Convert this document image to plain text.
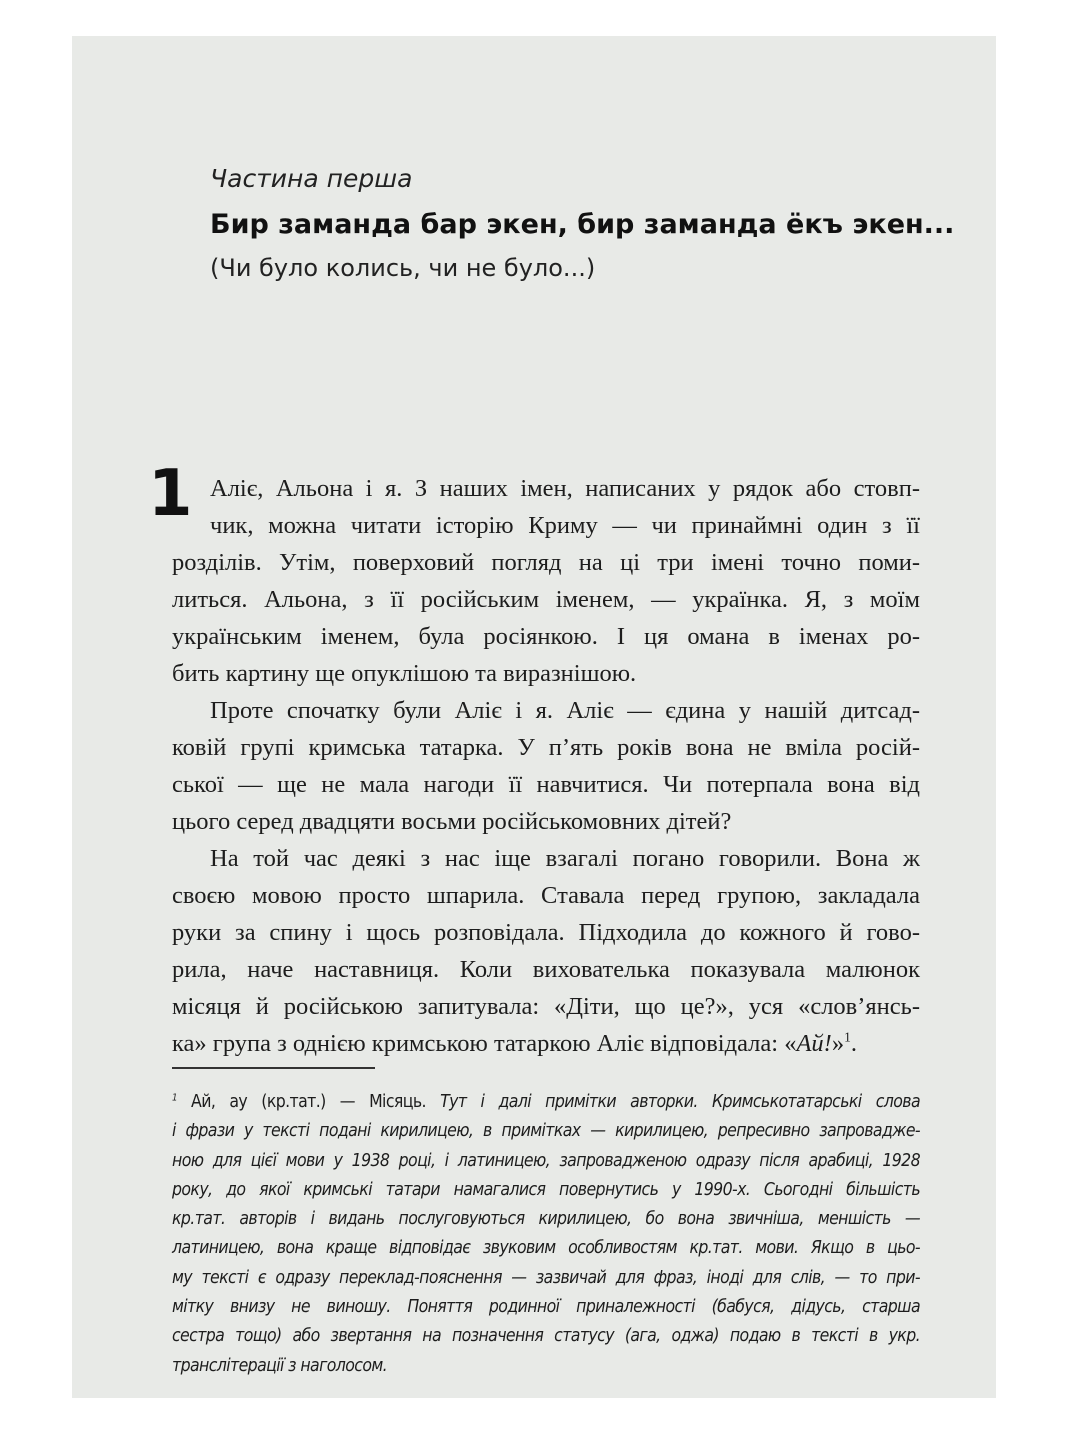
Частина перша
Бир заманда бар экен, бир заманда ёкъ экен...
(Чи було колись, чи не було...)
1 Аліє, Альона і я. З наших імен, написаних у рядок або стовп-
чик, можна читати історію Криму — чи принаймні один з її
розділів. Утім, поверховий погляд на ці три імені точно поми-
литься. Альона, з її російським іменем, — українка. Я, з моїм
українським іменем, була росіянкою. І ця омана в іменах ро-
бить картину ще опуклішою та виразнішою.
Проте спочатку були Аліє і я. Аліє — єдина у нашій дитсад-
ковій групі кримська татарка. У п’ять років вона не вміла росій-
ської — ще не мала нагоди її навчитися. Чи потерпала вона від
цього серед двадцяти восьми російськомовних дітей?
На той час деякі з нас іще взагалі погано говорили. Вона ж
своєю мовою просто шпарила. Ставала перед групою, закладала
руки за спину і щось розповідала. Підходила до кожного й гово-
рила, наче наставниця. Коли вихователька показувала малюнок
місяця й російською запитувала: «Діти, що це?», уся «слов’янсь-
ка» група з однією кримською татаркою Аліє відповідала: «Ай!»$^1$.
$^1$ Ай, ау (кр.тат.) — Місяць. Тут і далі примітки авторки. Кримськотатарські слова
і фрази у тексті подані кирилицею, в примітках — кирилицею, репресивно запроваджe-
ною для цієї мови у 1938 році, і латиницею, запровадженою одразу після арабиці, 1928
року, до якої кримські татари намагалися повернутись у 1990-х. Сьогодні більшість
кр.тат. авторів і видань послуговуються кирилицею, бо вона звичніша, меншість —
латиницею, вона краще відповідає звуковим особливостям кр.тат. мови. Якщо в цьо-
му тексті є одразу переклад-пояснення — зазвичай для фраз, іноді для слів, — то при-
мітку внизу не виношу. Поняття родинної приналежності (бабуся, дідусь, старша
сестра тощо) або звертання на позначення статусу (ага, оджа) подаю в тексті в укр.
транслітерації з наголосом.
